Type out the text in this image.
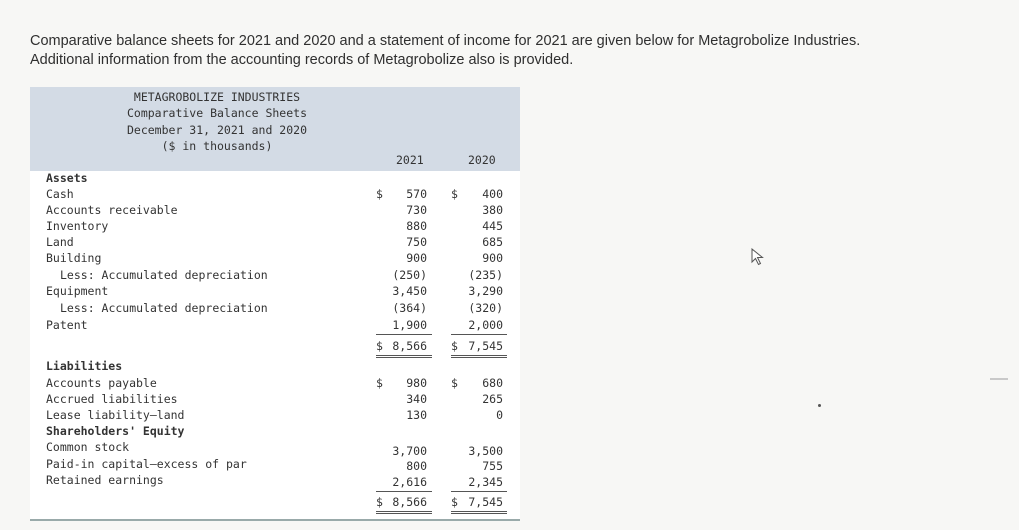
Comparative balance sheets for 2021 and 2020 and a statement of income for 2021 are given below for Metagrobolize Industries.

Additional information from the accounting records of Metagrobolize also is provided.

METAGROBOLIZE INDUSTRIES
Comparative Balance Sheets
December 31, 2021 and 2020
($ in thousands)
2021	2020
Assets
Cash	$ 570 $ 400
Accounts receivable	730	380
Inventory	880	445
Land	750	685
Building	900	900
Less: Accumulated depreciation	(250)	(235)
Equipment	3,450	3,290
Less: Accumulated depreciation	(364)	(320)
Patent	1,900	2,000
$ 8,566 $ 7,545
Liabilities
Accounts payable	$ 980 $ 680
Accrued liabilities	340	265
Lease liability–land	130	0
Shareholders' Equity
Common stock	3,700	3,500
Paid-in capital–excess of par	800	755
Retained earnings	2,616	2,345
$ 8,566 $ 7,545
